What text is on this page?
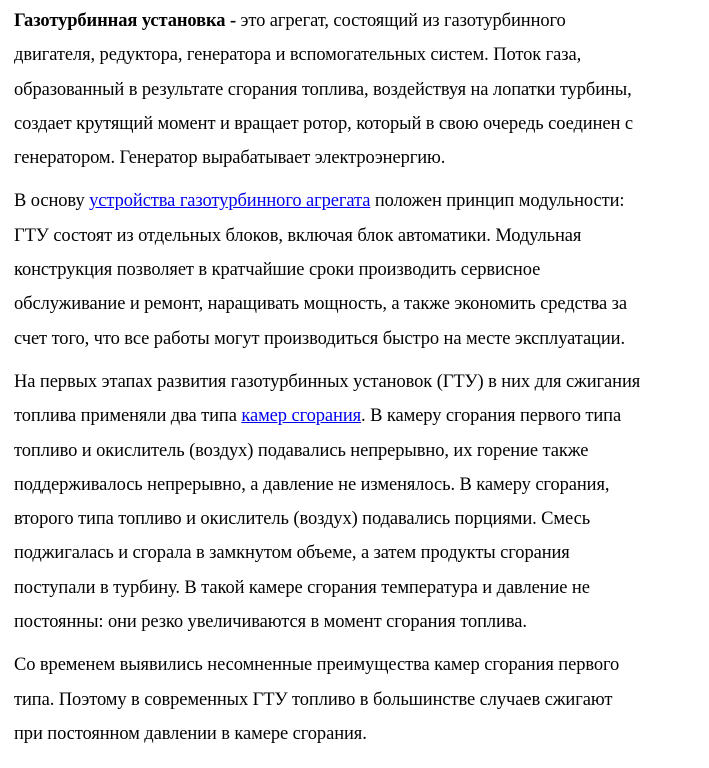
Газотурбинная установка - это агрегат, состоящий из газотурбинного
двигателя, редуктора, генератора и вспомогательных систем. Поток газа,
образованный в результате сгорания топлива, воздействуя на лопатки турбины,
создает крутящий момент и вращает ротор, который в свою очередь соединен с
генератором. Генератор вырабатывает электроэнергию.

В основу устройства газотурбинного агрегата положен принцип модульности:
ГТУ состоят из отдельных блоков, включая блок автоматики. Модульная
конструкция позволяет в кратчайшие сроки производить сервисное
обслуживание и ремонт, наращивать мощность, а также экономить средства за
счет того, что все работы могут производиться быстро на месте эксплуатации.

На первых этапах развития газотурбинных установок (ГТУ) в них для сжигания
топлива применяли два типа камер сгорания. В камеру сгорания первого типа
топливо и окислитель (воздух) подавались непрерывно, их горение также
поддерживалось непрерывно, а давление не изменялось. В камеру сгорания,
второго типа топливо и окислитель (воздух) подавались порциями. Смесь
поджигалась и сгорала в замкнутом объеме, а затем продукты сгорания
поступали в турбину. В такой камере сгорания температура и давление не
постоянны: они резко увеличиваются в момент сгорания топлива.

Со временем выявились несомненные преимущества камер сгорания первого
типа. Поэтому в современных ГТУ топливо в большинстве случаев сжигают
при постоянном давлении в камере сгорания.
